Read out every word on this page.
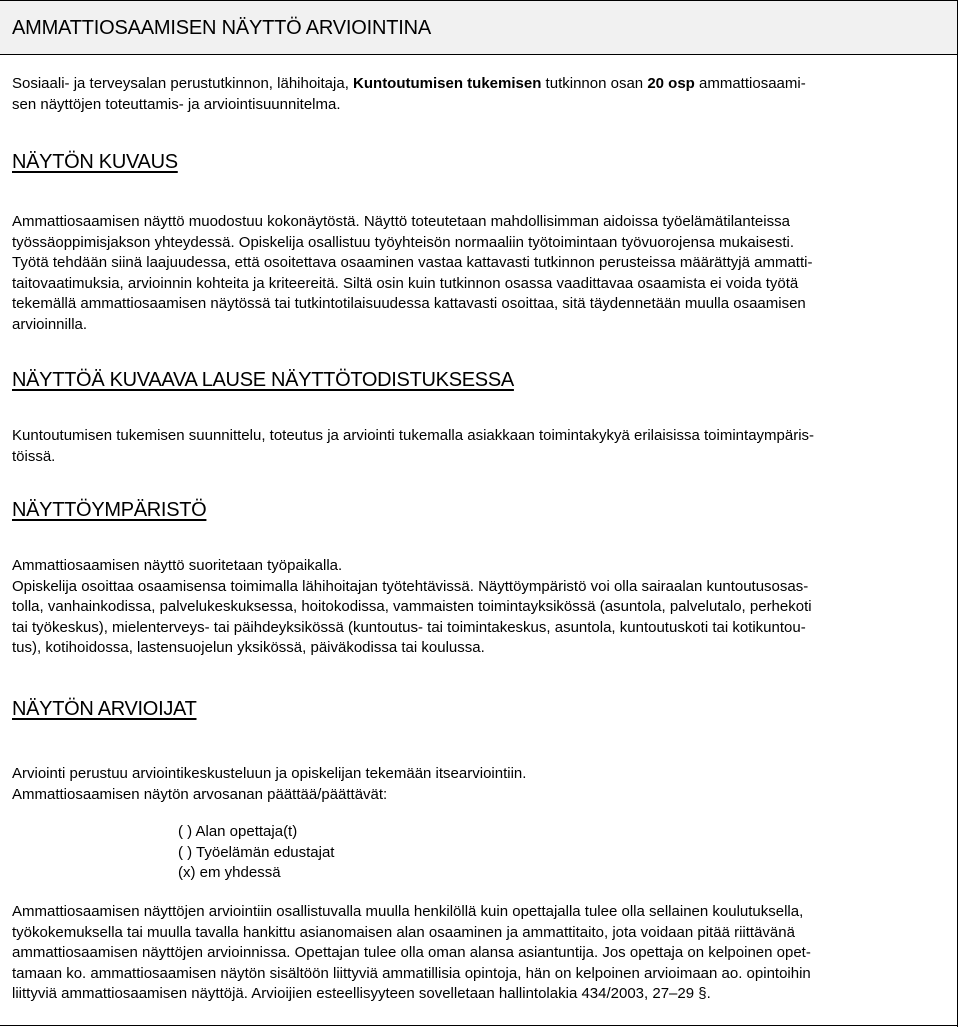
AMMATTIOSAAMISEN NÄYTTÖ ARVIOINTINA

Sosiaali- ja terveysalan perustutkinnon, lähihoitaja, Kuntoutumisen tukemisen tutkinnon osan 20 osp ammattiosaami-

sen näyttöjen toteuttamis- ja arviointisuunnitelma.

NÄYTÖN KUVAUS

Ammattiosaamisen näyttö muodostuu kokonäytöstä. Näyttö toteutetaan mahdollisimman aidoissa työelämätilanteissa

työssäoppimisjakson yhteydessä. Opiskelija osallistuu työyhteisön normaaliin työtoimintaan työvuorojensa mukaisesti.

Työtä tehdään siinä laajuudessa, että osoitettava osaaminen vastaa kattavasti tutkinnon perusteissa määrättyjä ammatti-

taitovaatimuksia, arvioinnin kohteita ja kriteereitä. Siltä osin kuin tutkinnon osassa vaadittavaa osaamista ei voida työtä

tekemällä ammattiosaamisen näytössä tai tutkintotilaisuudessa kattavasti osoittaa, sitä täydennetään muulla osaamisen

arvioinnilla.

NÄYTTÖÄ KUVAAVA LAUSE NÄYTTÖTODISTUKSESSA

Kuntoutumisen tukemisen suunnittelu, toteutus ja arviointi tukemalla asiakkaan toimintakykyä erilaisissa toimintaympäris-

töissä.

NÄYTTÖYMPÄRISTÖ

Ammattiosaamisen näyttö suoritetaan työpaikalla.

Opiskelija osoittaa osaamisensa toimimalla lähihoitajan työtehtävissä. Näyttöympäristö voi olla sairaalan kuntoutusosas-

tolla, vanhainkodissa, palvelukeskuksessa, hoitokodissa, vammaisten toimintayksikössä (asuntola, palvelutalo, perhekoti

tai työkeskus), mielenterveys- tai päihdeyksikössä (kuntoutus- tai toimintakeskus, asuntola, kuntoutuskoti tai kotikuntou-

tus), kotihoidossa, lastensuojelun yksikössä, päiväkodissa tai koulussa.

NÄYTÖN ARVIOIJAT

Arviointi perustuu arviointikeskusteluun ja opiskelijan tekemään itsearviointiin.

Ammattiosaamisen näytön arvosanan päättää/päättävät:

( ) Alan opettaja(t)
( ) Työelämän edustajat
(x) em yhdessä

Ammattiosaamisen näyttöjen arviointiin osallistuvalla muulla henkilöllä kuin opettajalla tulee olla sellainen koulutuksella,

työkokemuksella tai muulla tavalla hankittu asianomaisen alan osaaminen ja ammattitaito, jota voidaan pitää riittävänä

ammattiosaamisen näyttöjen arvioinnissa. Opettajan tulee olla oman alansa asiantuntija. Jos opettaja on kelpoinen opet-

tamaan ko. ammattiosaamisen näytön sisältöön liittyviä ammatillisia opintoja, hän on kelpoinen arvioimaan ao. opintoihin

liittyviä ammattiosaamisen näyttöjä. Arvioijien esteellisyyteen sovelletaan hallintolakia 434/2003, 27–29 §.
